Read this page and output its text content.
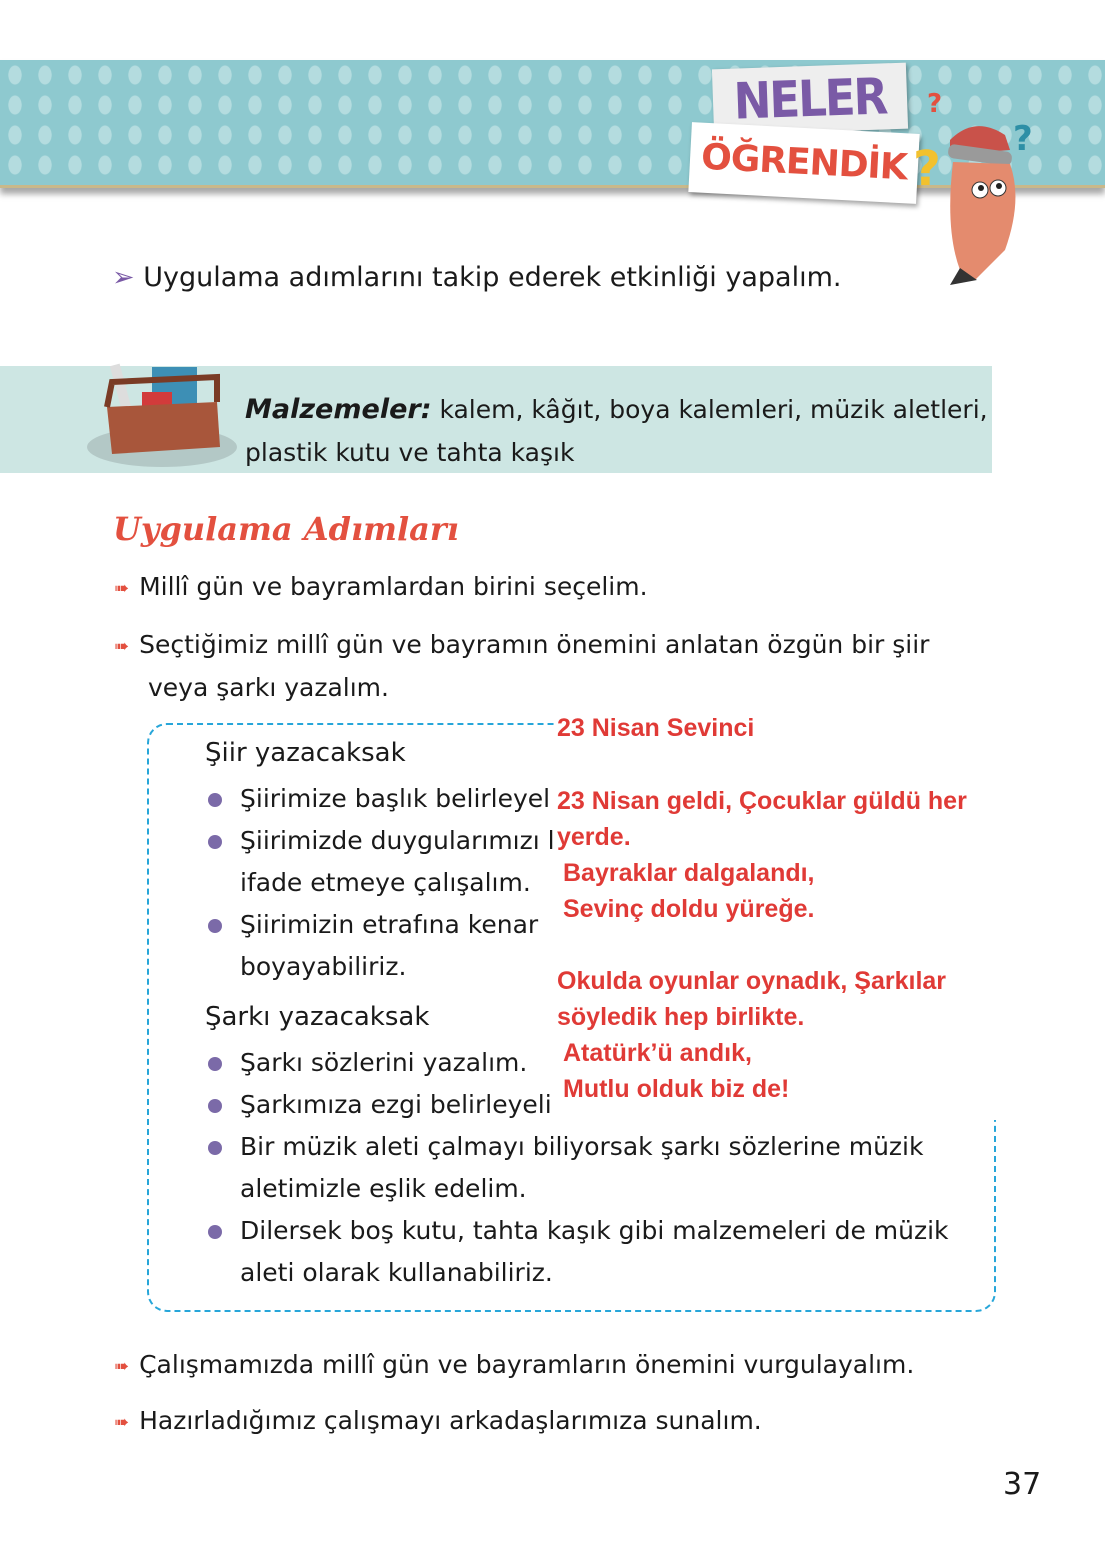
NELER
ÖĞRENDİK ?
?
?
➢ Uygulama adımlarını takip ederek etkinliği yapalım.
Malzemeler: kalem, kâğıt, boya kalemleri, müzik aletleri, plastik kutu ve tahta kaşık
Uygulama Adımları
➠ Millî gün ve bayramlardan birini seçelim.
➠ Seçtiğimiz millî gün ve bayramın önemini anlatan özgün bir şiir
veya şarkı yazalım.
Şiir yazacaksak
Şiirimize başlık belirleyel
Şiirimizde duygularımızı l
ifade etmeye çalışalım.
Şiirimizin etrafına kenar
boyayabiliriz.
Şarkı yazacaksak
Şarkı sözlerini yazalım.
Şarkımıza ezgi belirleyeli
Bir müzik aleti çalmayı biliyorsak şarkı sözlerine müzik
aletimizle eşlik edelim.
Dilersek boş kutu, tahta kaşık gibi malzemeleri de müzik
aleti olarak kullanabiliriz.
23 Nisan Sevinci
23 Nisan geldi, Çocuklar güldü her
yerde.
Bayraklar dalgalandı,
Sevinç doldu yüreğe.
Okulda oyunlar oynadık, Şarkılar
söyledik hep birlikte.
Atatürk’ü andık,
Mutlu olduk biz de!
➠ Çalışmamızda millî gün ve bayramların önemini vurgulayalım.
➠ Hazırladığımız çalışmayı arkadaşlarımıza sunalım.
37
